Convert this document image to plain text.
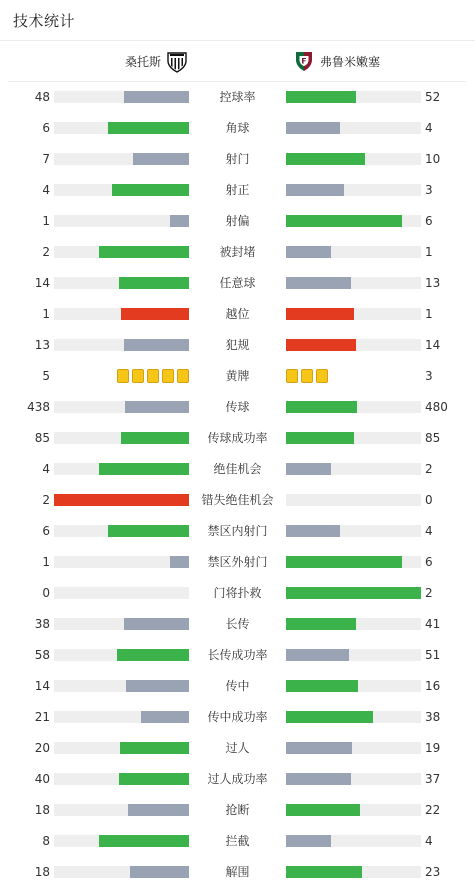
技术统计
桑托斯	弗鲁米嫩塞
48	控球率	52
6	角球	4
7	射门	10
4	射正	3
1	射偏	6
2	被封堵	1
14	任意球	13
1	越位	1
13	犯规	14
5	黄牌	3
438	传球	480
85	传球成功率	85
4	绝佳机会	2
2	错失绝佳机会	0
6	禁区内射门	4
1	禁区外射门	6
0	门将扑救	2
38	长传	41
58	长传成功率	51
14	传中	16
21	传中成功率	38
20	过人	19
40	过人成功率	37
18	抢断	22
8	拦截	4
18	解围	23
